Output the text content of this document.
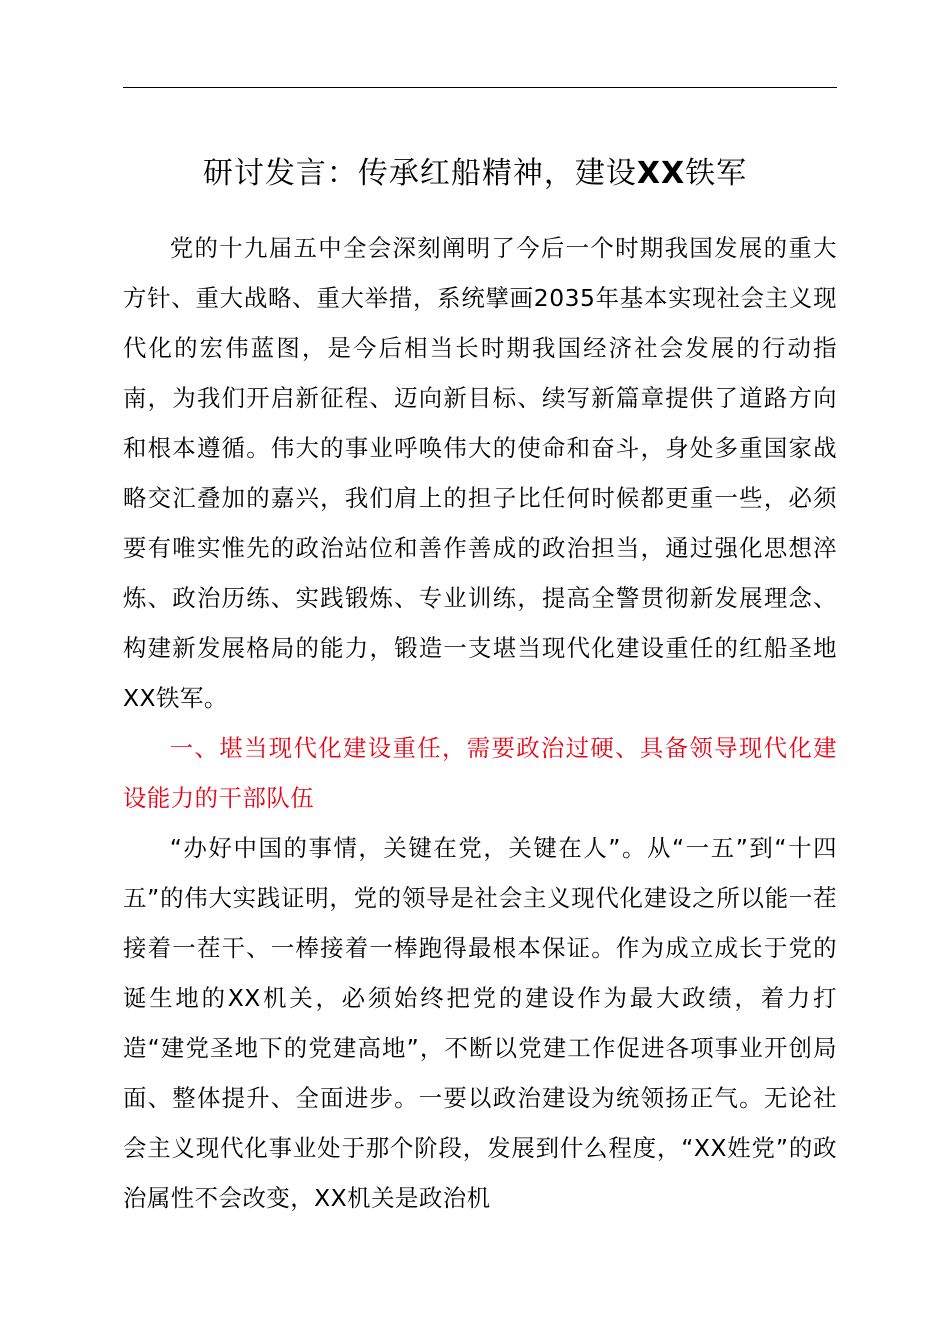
研讨发言：传承红船精神，建设XX铁军

党的十九届五中全会深刻阐明了今后一个时期我国发展的重大方针、重大战略、重大举措，系统擘画2035年基本实现社会主义现代化的宏伟蓝图，是今后相当长时期我国经济社会发展的行动指南，为我们开启新征程、迈向新目标、续写新篇章提供了道路方向和根本遵循。伟大的事业呼唤伟大的使命和奋斗，身处多重国家战略交汇叠加的嘉兴，我们肩上的担子比任何时候都更重一些，必须要有唯实惟先的政治站位和善作善成的政治担当，通过强化思想淬炼、政治历练、实践锻炼、专业训练，提高全警贯彻新发展理念、构建新发展格局的能力，锻造一支堪当现代化建设重任的红船圣地XX铁军。

一、堪当现代化建设重任，需要政治过硬、具备领导现代化建设能力的干部队伍

“办好中国的事情，关键在党，关键在人”。从“一五”到“十四五”的伟大实践证明，党的领导是社会主义现代化建设之所以能一茬接着一茬干、一棒接着一棒跑得最根本保证。作为成立成长于党的诞生地的XX机关，必须始终把党的建设作为最大政绩，着力打造“建党圣地下的党建高地”，不断以党建工作促进各项事业开创局面、整体提升、全面进步。一要以政治建设为统领扬正气。无论社会主义现代化事业处于那个阶段，发展到什么程度，“XX姓党”的政治属性不会改变，XX机关是政治机
